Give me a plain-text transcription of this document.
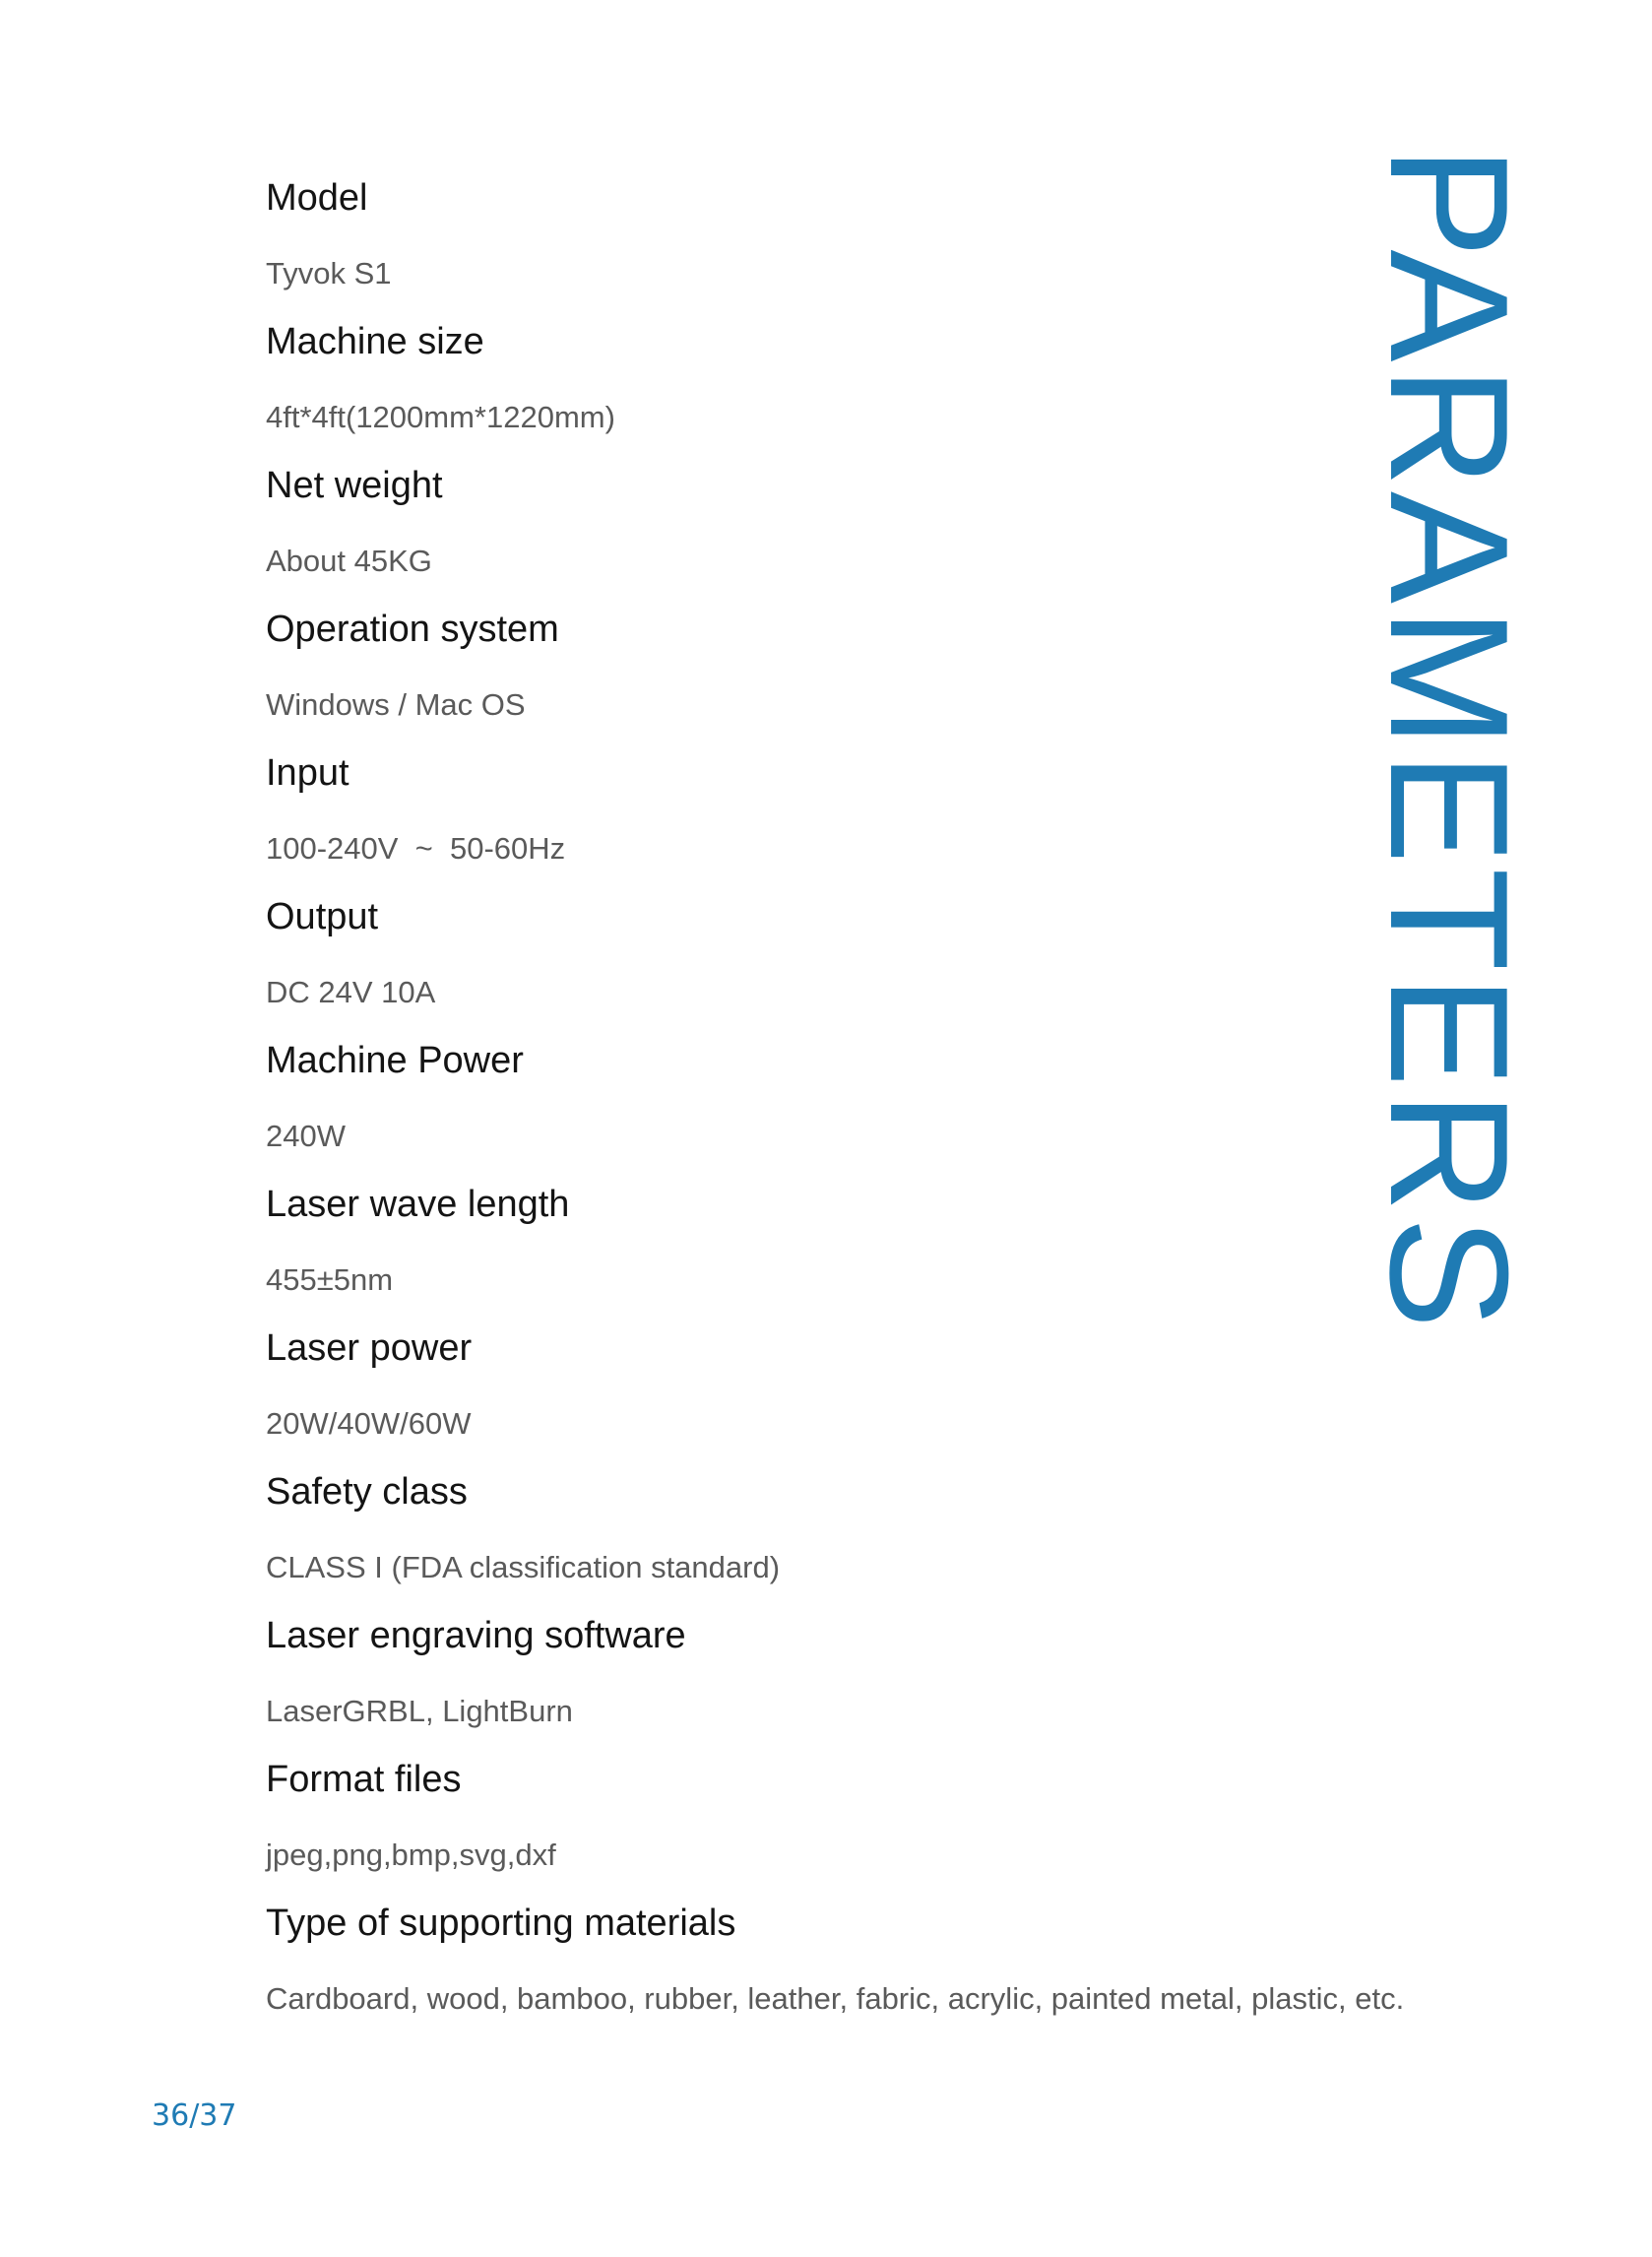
Model
Tyvok S1
Machine size
4ft*4ft(1200mm*1220mm)
Net weight
About 45KG
Operation system
Windows / Mac OS
Input
100-240V  ~  50-60Hz
Output
DC 24V 10A
Machine Power
240W
Laser wave length
455±5nm
Laser power
20W/40W/60W
Safety class
CLASS I (FDA classification standard)
Laser engraving software
LaserGRBL, LightBurn
Format files
jpeg,png,bmp,svg,dxf
Type of supporting materials
Cardboard, wood, bamboo, rubber, leather, fabric, acrylic, painted metal, plastic, etc.
PARAMETERS
36/37
